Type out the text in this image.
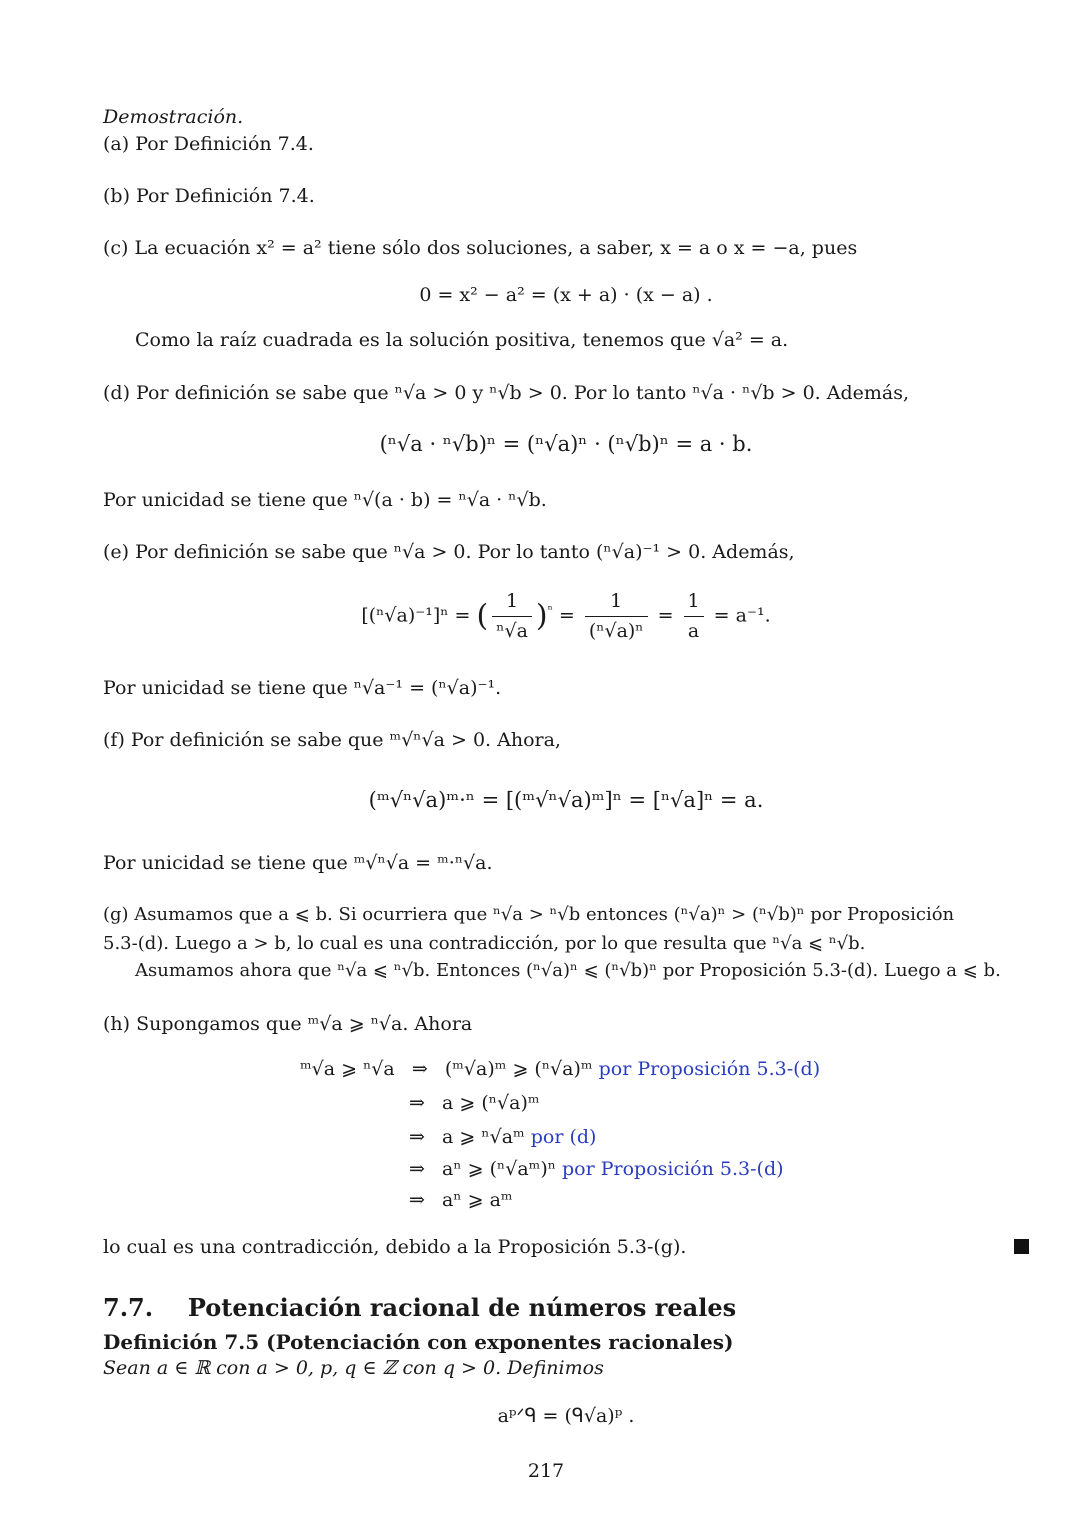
Demostración.
(a) Por Definición 7.4.
(b) Por Definición 7.4.
(c) La ecuación x² = a² tiene sólo dos soluciones, a saber, x = a o x = −a, pues
0 = x² − a² = (x + a) · (x − a) .
Como la raíz cuadrada es la solución positiva, tenemos que √a² = a.
(d) Por definición se sabe que ⁿ√a > 0 y ⁿ√b > 0. Por lo tanto ⁿ√a · ⁿ√b > 0. Además,
(ⁿ√a · ⁿ√b)ⁿ = (ⁿ√a)ⁿ · (ⁿ√b)ⁿ = a · b.
Por unicidad se tiene que ⁿ√(a · b) = ⁿ√a · ⁿ√b.
(e) Por definición se sabe que ⁿ√a > 0. Por lo tanto (ⁿ√a)⁻¹ > 0. Además,
[(ⁿ√a)⁻¹]ⁿ = ( $\frac{1}{\text{ⁿ√a}} )^{^n} = \frac{1}{\text{(ⁿ√a)ⁿ}} = \frac{1}{a} = a^{-1}$.
Por unicidad se tiene que ⁿ√a⁻¹ = (ⁿ√a)⁻¹.
(f) Por definición se sabe que ᵐ√ⁿ√a > 0. Ahora,
(ᵐ√ⁿ√a)ᵐ·ⁿ = [(ᵐ√ⁿ√a)ᵐ]ⁿ = [ⁿ√a]ⁿ = a.
Por unicidad se tiene que ᵐ√ⁿ√a = ᵐ·ⁿ√a.
(g) Asumamos que a ⩽ b. Si ocurriera que ⁿ√a > ⁿ√b entonces (ⁿ√a)ⁿ > (ⁿ√b)ⁿ por Proposición
5.3-(d). Luego a > b, lo cual es una contradicción, por lo que resulta que ⁿ√a ⩽ ⁿ√b.
Asumamos ahora que ⁿ√a ⩽ ⁿ√b. Entonces (ⁿ√a)ⁿ ⩽ (ⁿ√b)ⁿ por Proposición 5.3-(d). Luego a ⩽ b.
(h) Supongamos que ᵐ√a ⩾ ⁿ√a. Ahora
ᵐ√a ⩾ ⁿ√a ⇒ (ᵐ√a)ᵐ ⩾ (ⁿ√a)ᵐ por Proposición 5.3-(d)
⇒ a ⩾ (ⁿ√a)ᵐ
⇒ a ⩾ ⁿ√aᵐ por (d)
⇒ aⁿ ⩾ (ⁿ√aᵐ)ⁿ por Proposición 5.3-(d)
⇒ aⁿ ⩾ aᵐ
lo cual es una contradicción, debido a la Proposición 5.3-(g).
7.7. Potenciación racional de números reales
Definición 7.5 (Potenciación con exponentes racionales)
Sean a ∈ ℝ con a > 0, p, q ∈ ℤ con q > 0. Definimos
aᵖᐟᑫ = (ᑫ√a)ᵖ .
217
